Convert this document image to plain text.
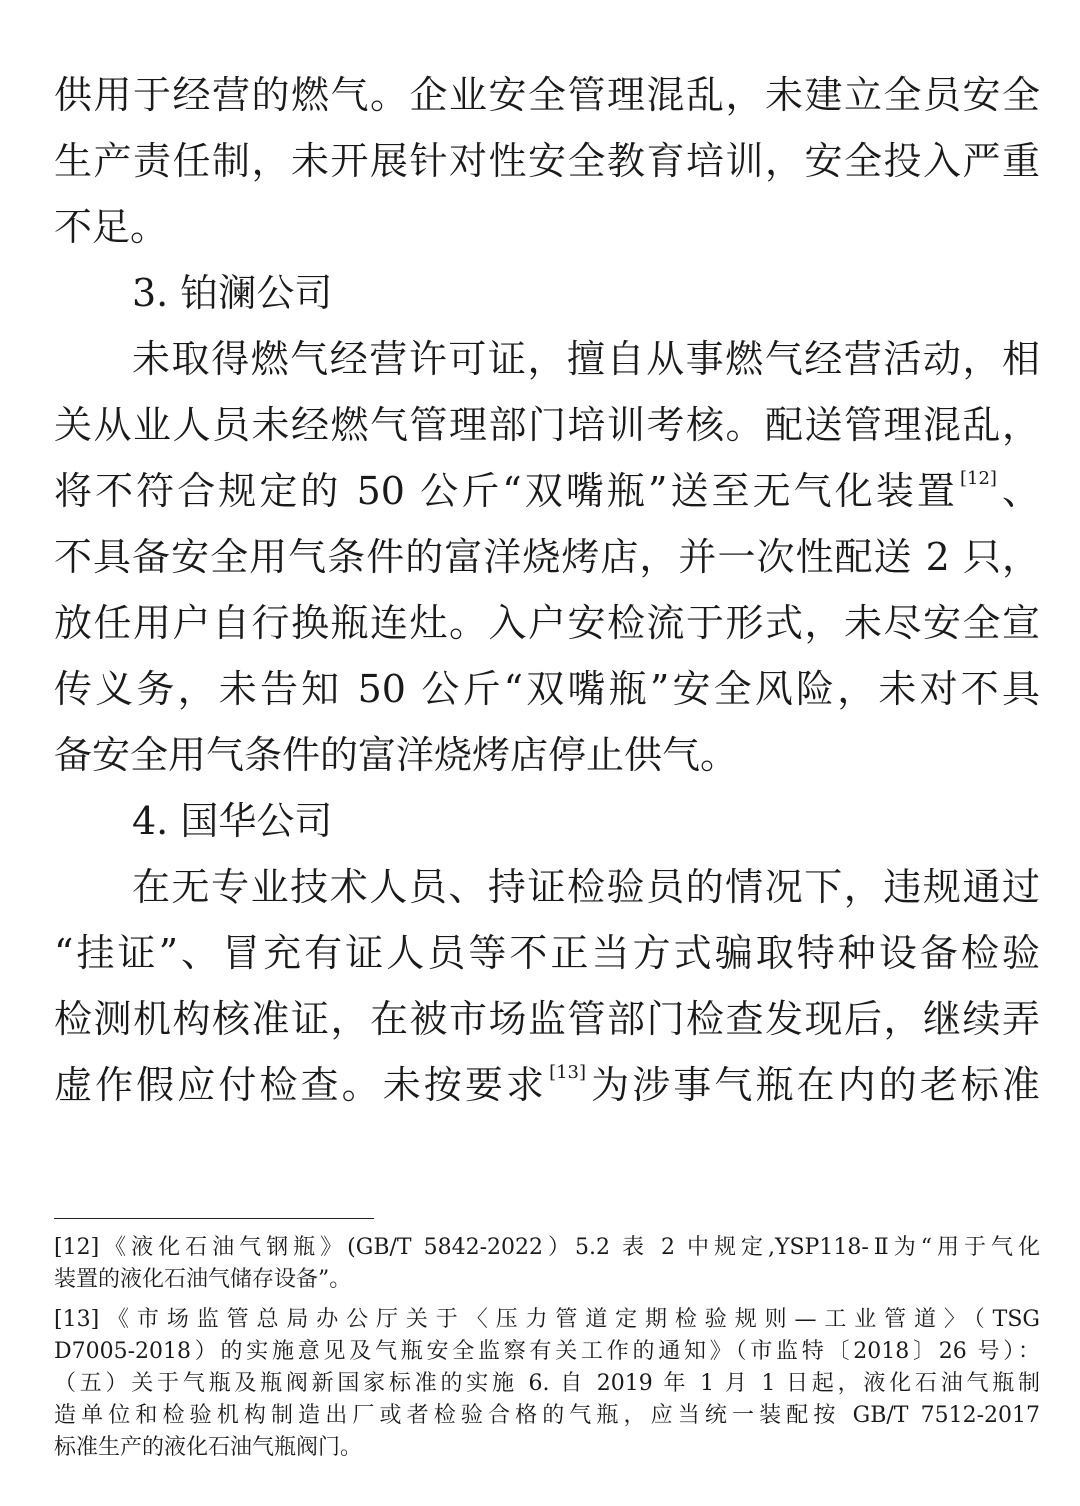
供用于经营的燃气。企业安全管理混乱，未建立全员安全
生产责任制，未开展针对性安全教育培训，安全投入严重
不足。
3. 铂澜公司
未取得燃气经营许可证，擅自从事燃气经营活动，相
关从业人员未经燃气管理部门培训考核。配送管理混乱，
将不符合规定的 50 公斤“双嘴瓶”送至无气化装置 [12]、
不具备安全用气条件的富洋烧烤店，并一次性配送 2 只，
放任用户自行换瓶连灶。入户安检流于形式，未尽安全宣
传义务，未告知 50 公斤“双嘴瓶”安全风险，未对不具
备安全用气条件的富洋烧烤店停止供气。
4. 国华公司
在无专业技术人员、持证检验员的情况下，违规通过
“挂证”、冒充有证人员等不正当方式骗取特种设备检验
检测机构核准证，在被市场监管部门检查发现后，继续弄
虚作假应付检查。未按要求 [13]为涉事气瓶在内的老标准
[12]《液化石油气钢瓶》(GB/T 5842-2022）5.2 表 2 中规定,YSP118-Ⅱ为“用于气化
装置的液化石油气储存设备”。
[13]《市场监管总局办公厅关于〈压力管道定期检验规则—工业管道〉（TSG
D7005-2018）的实施意见及气瓶安全监察有关工作的通知》（市监特〔2018〕26 号）：
（五）关于气瓶及瓶阀新国家标准的实施 6. 自 2019 年 1 月 1 日起，液化石油气瓶制
造单位和检验机构制造出厂或者检验合格的气瓶，应当统一装配按 GB/T 7512-2017
标准生产的液化石油气瓶阀门。
